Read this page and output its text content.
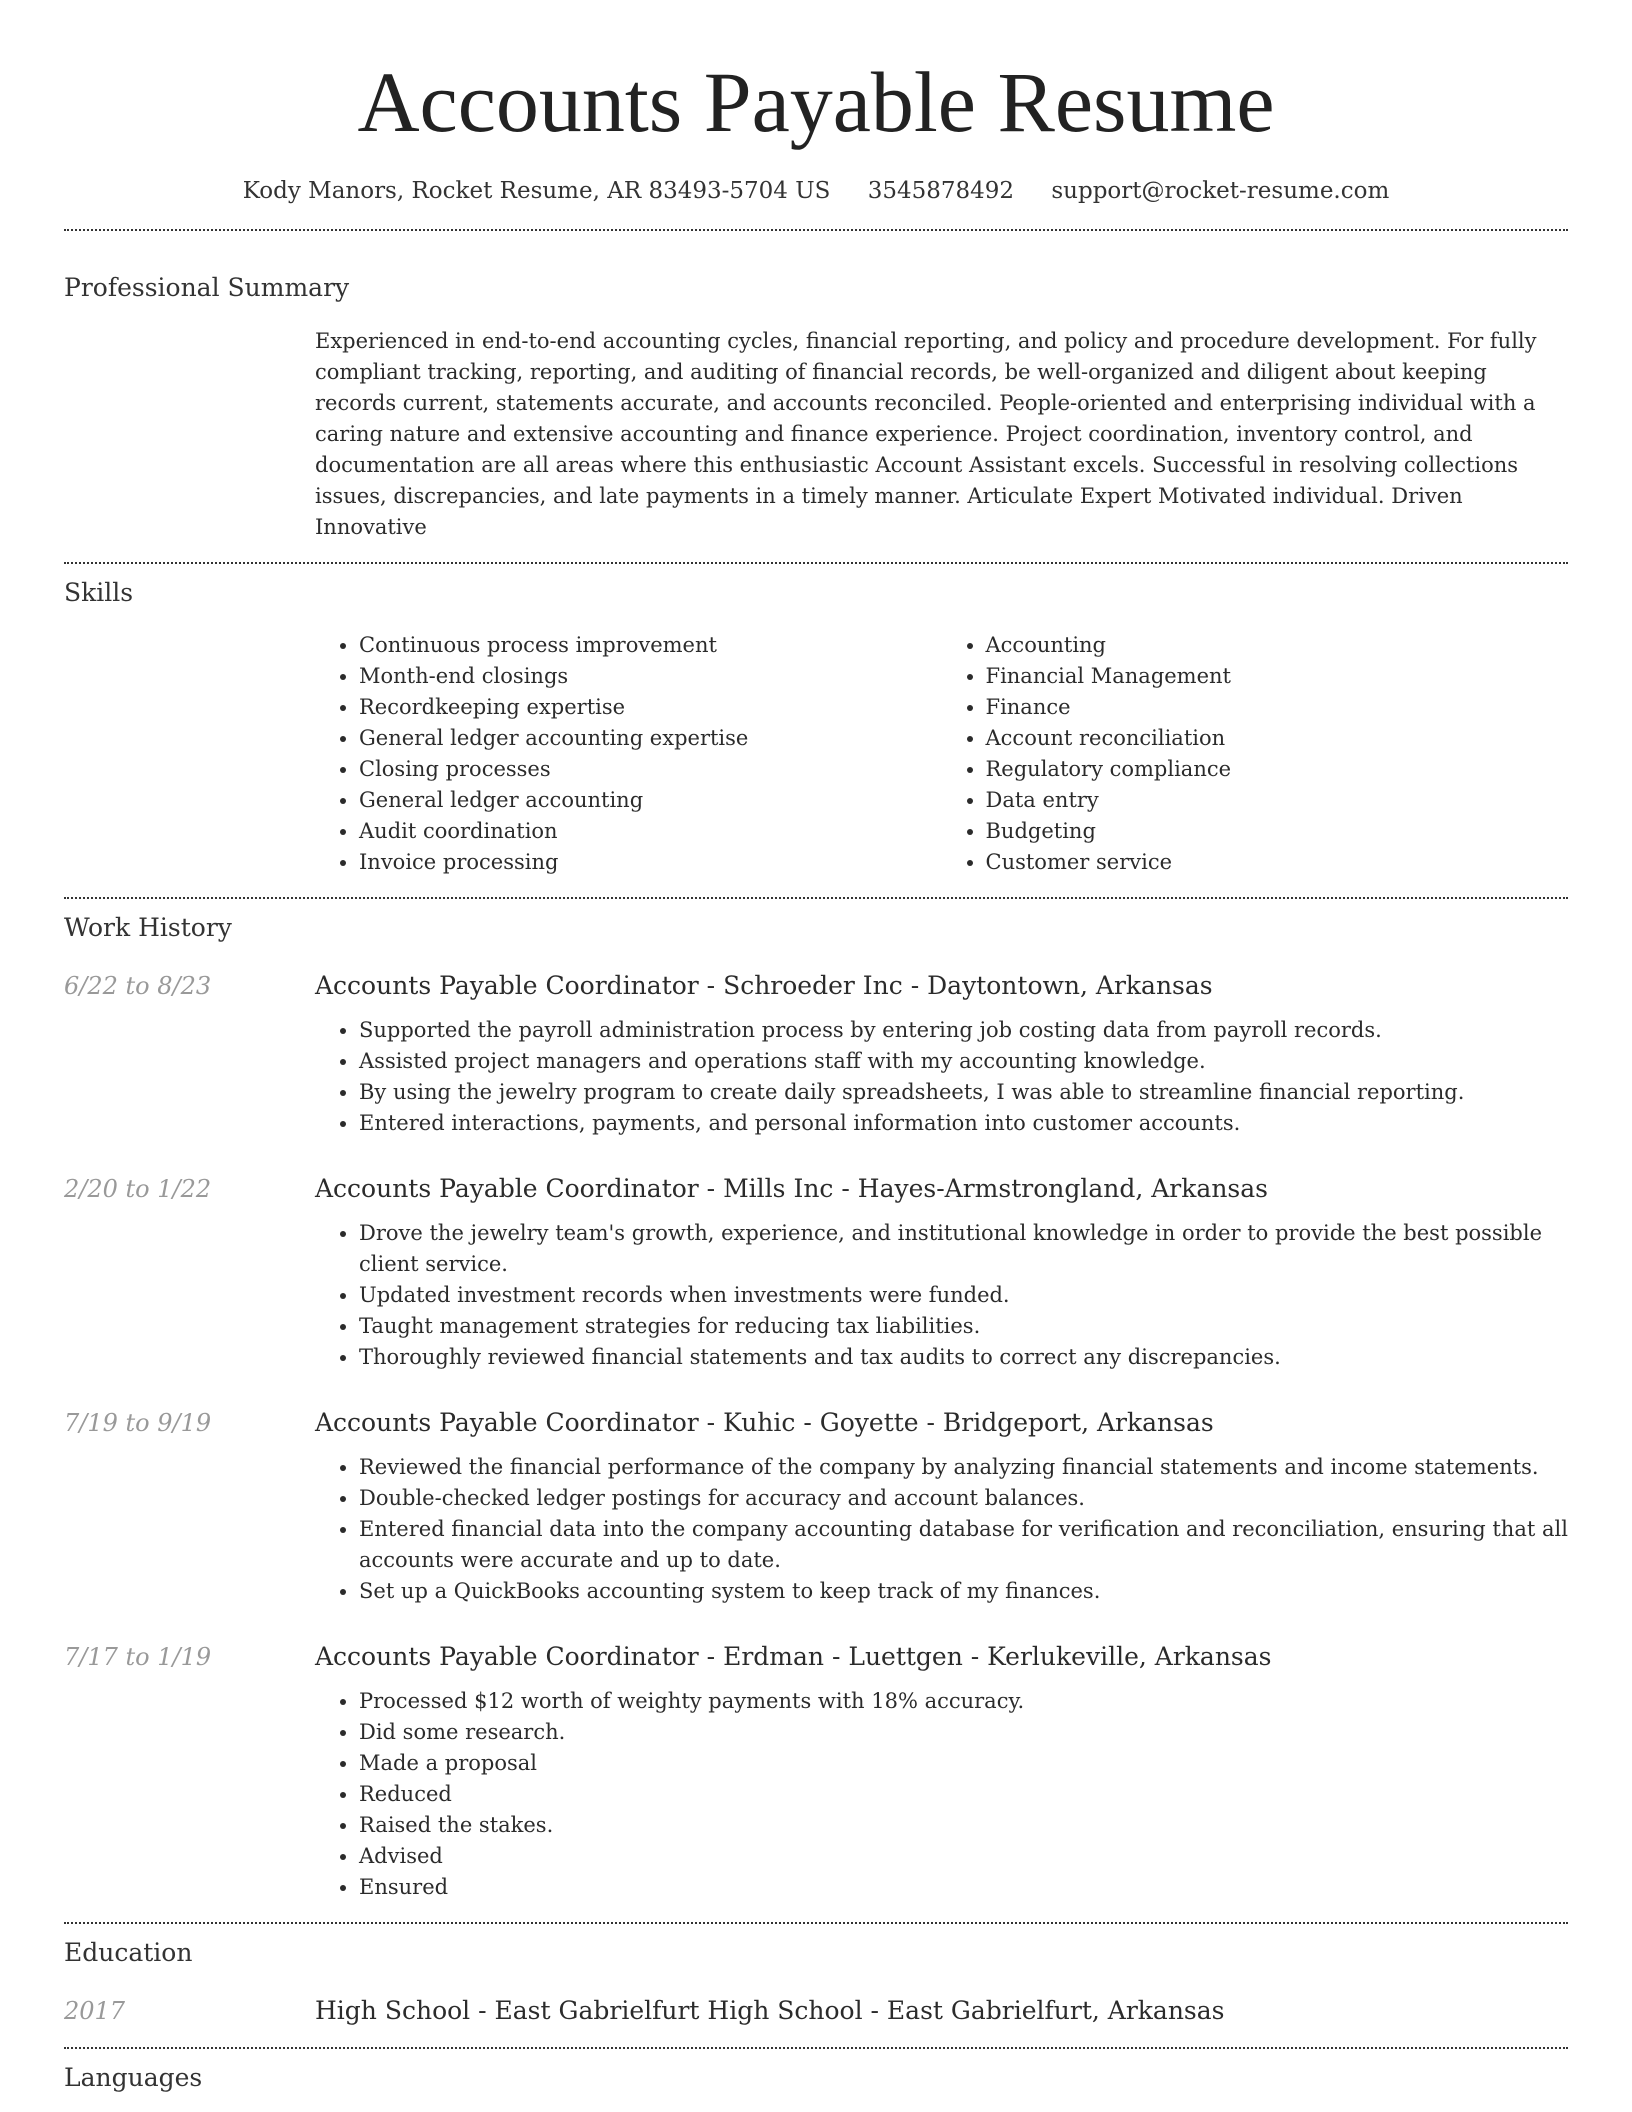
Accounts Payable Resume
Kody Manors, Rocket Resume, AR 83493-5704 US 3545878492 support@rocket-resume.com
Professional Summary
Experienced in end-to-end accounting cycles, financial reporting, and policy and procedure development. For fully compliant tracking, reporting, and auditing of financial records, be well-organized and diligent about keeping records current, statements accurate, and accounts reconciled. People-oriented and enterprising individual with a caring nature and extensive accounting and finance experience. Project coordination, inventory control, and documentation are all areas where this enthusiastic Account Assistant excels. Successful in resolving collections issues, discrepancies, and late payments in a timely manner. Articulate Expert Motivated individual. Driven Innovative
Skills
• Continuous process improvement
• Month-end closings
• Recordkeeping expertise
• General ledger accounting expertise
• Closing processes
• General ledger accounting
• Audit coordination
• Invoice processing
• Accounting
• Financial Management
• Finance
• Account reconciliation
• Regulatory compliance
• Data entry
• Budgeting
• Customer service
Work History
6/22 to 8/23	Accounts Payable Coordinator - Schroeder Inc - Daytontown, Arkansas
• Supported the payroll administration process by entering job costing data from payroll records.
• Assisted project managers and operations staff with my accounting knowledge.
• By using the jewelry program to create daily spreadsheets, I was able to streamline financial reporting.
• Entered interactions, payments, and personal information into customer accounts.
2/20 to 1/22	Accounts Payable Coordinator - Mills Inc - Hayes-Armstrongland, Arkansas
• Drove the jewelry team's growth, experience, and institutional knowledge in order to provide the best possible client service.
• Updated investment records when investments were funded.
• Taught management strategies for reducing tax liabilities.
• Thoroughly reviewed financial statements and tax audits to correct any discrepancies.
7/19 to 9/19	Accounts Payable Coordinator - Kuhic - Goyette - Bridgeport, Arkansas
• Reviewed the financial performance of the company by analyzing financial statements and income statements.
• Double-checked ledger postings for accuracy and account balances.
• Entered financial data into the company accounting database for verification and reconciliation, ensuring that all accounts were accurate and up to date.
• Set up a QuickBooks accounting system to keep track of my finances.
7/17 to 1/19	Accounts Payable Coordinator - Erdman - Luettgen - Kerlukeville, Arkansas
• Processed $12 worth of weighty payments with 18% accuracy.
• Did some research.
• Made a proposal
• Reduced
• Raised the stakes.
• Advised
• Ensured
Education
2017	High School - East Gabrielfurt High School - East Gabrielfurt, Arkansas
Languages
